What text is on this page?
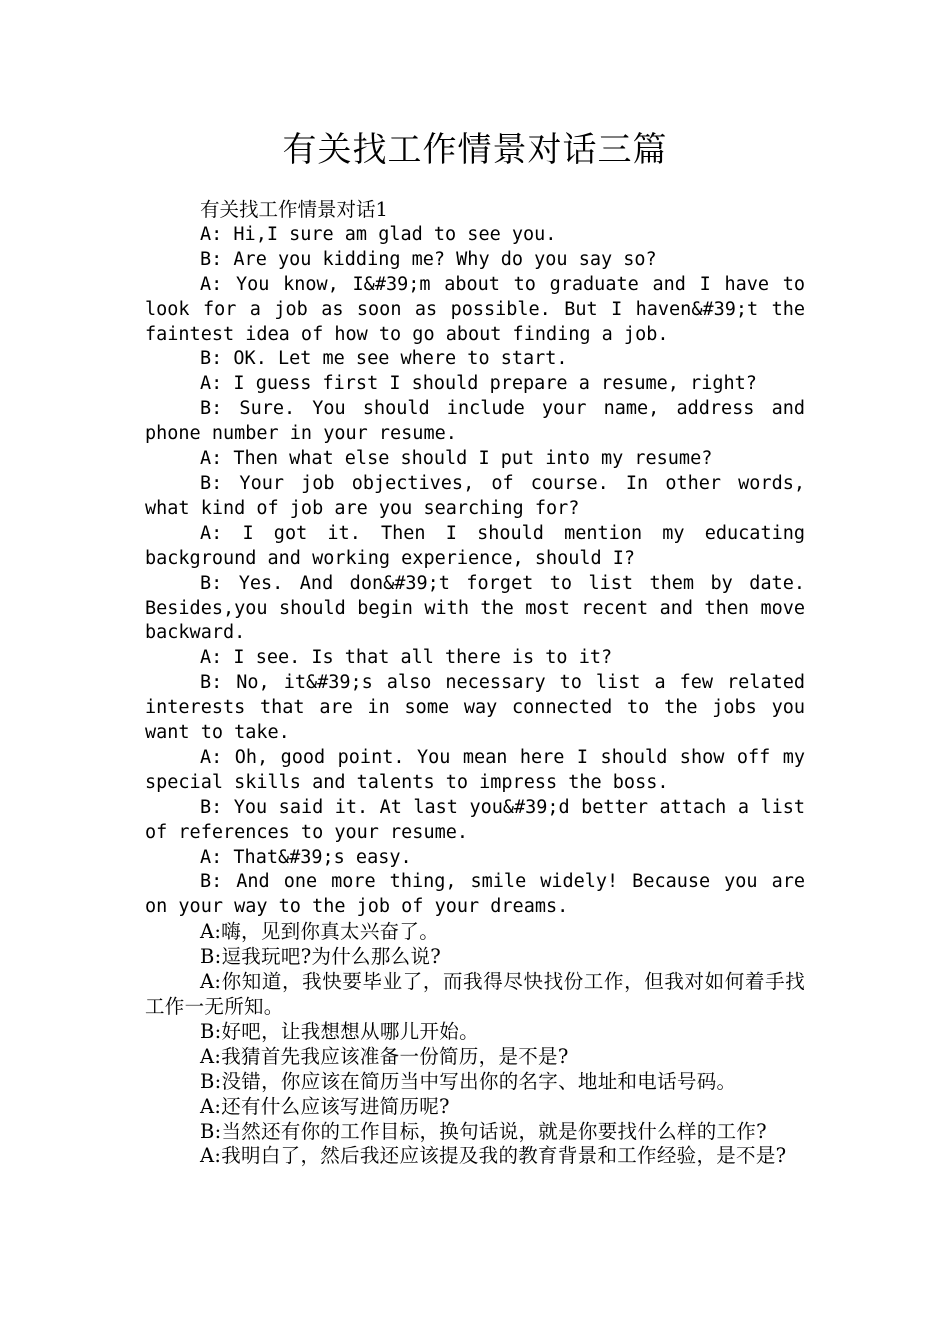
有关找工作情景对话三篇

有关找工作情景对话1

A: Hi,I sure am glad to see you.

B: Are you kidding me? Why do you say so?

A: You know, I&#39;m about to graduate and I have to look for a job as soon as possible. But I haven&#39;t the faintest idea of how to go about finding a job.

B: OK. Let me see where to start.

A: I guess first I should prepare a resume, right?

B: Sure. You should include your name, address and phone number in your resume.

A: Then what else should I put into my resume?

B: Your job objectives, of course. In other words, what kind of job are you searching for?

A: I got it. Then I should mention my educating background and working experience, should I?

B: Yes. And don&#39;t forget to list them by date. Besides,you should begin with the most recent and then move backward.

A: I see. Is that all there is to it?

B: No, it&#39;s also necessary to list a few related interests that are in some way connected to the jobs you want to take.

A: Oh, good point. You mean here I should show off my special skills and talents to impress the boss.

B: You said it. At last you&#39;d better attach a list of references to your resume.

A: That&#39;s easy.

B: And one more thing, smile widely! Because you are on your way to the job of your dreams.

A:嗨，见到你真太兴奋了。

B:逗我玩吧?为什么那么说?

A:你知道，我快要毕业了，而我得尽快找份工作，但我对如何着手找工作一无所知。

B:好吧，让我想想从哪儿开始。

A:我猜首先我应该准备一份简历，是不是?

B:没错，你应该在简历当中写出你的名字、地址和电话号码。

A:还有什么应该写进简历呢?

B:当然还有你的工作目标，换句话说，就是你要找什么样的工作?

A:我明白了，然后我还应该提及我的教育背景和工作经验，是不是?
